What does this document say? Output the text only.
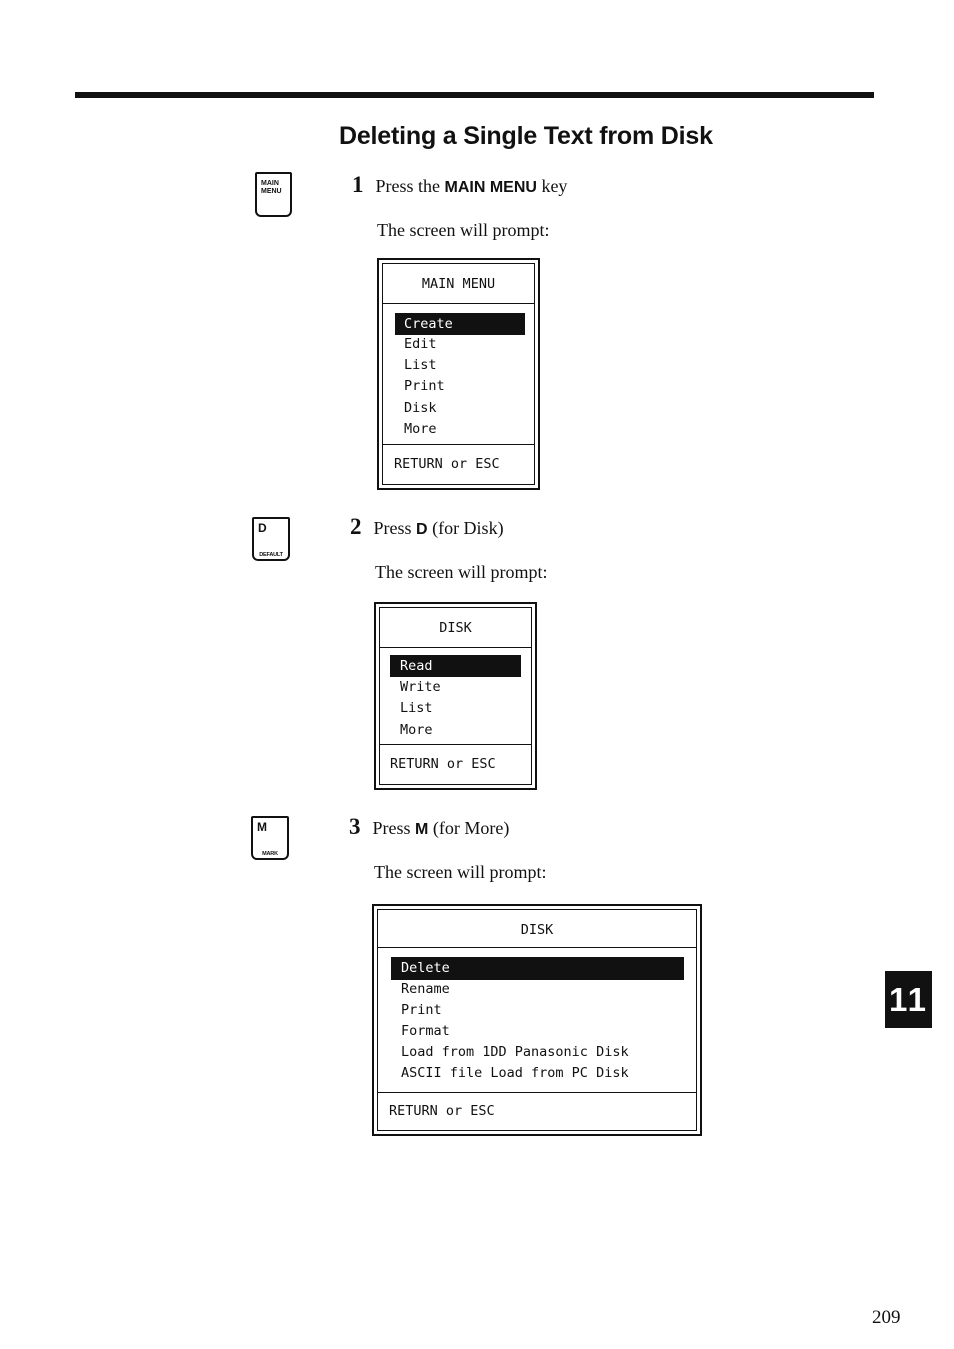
Deleting a Single Text from Disk
MAIN
MENU
D
DEFAULT
M
MARK
1 Press the MAIN MENU key
The screen will prompt:
MAIN MENU
Create
Edit
List
Print
Disk
More
RETURN or ESC
2 Press D (for Disk)
The screen will prompt:
DISK
Read
Write
List
More
RETURN or ESC
3 Press M (for More)
The screen will prompt:
DISK
Delete
Rename
Print
Format
Load from 1DD Panasonic Disk
ASCII file Load from PC Disk
RETURN or ESC
11
209
